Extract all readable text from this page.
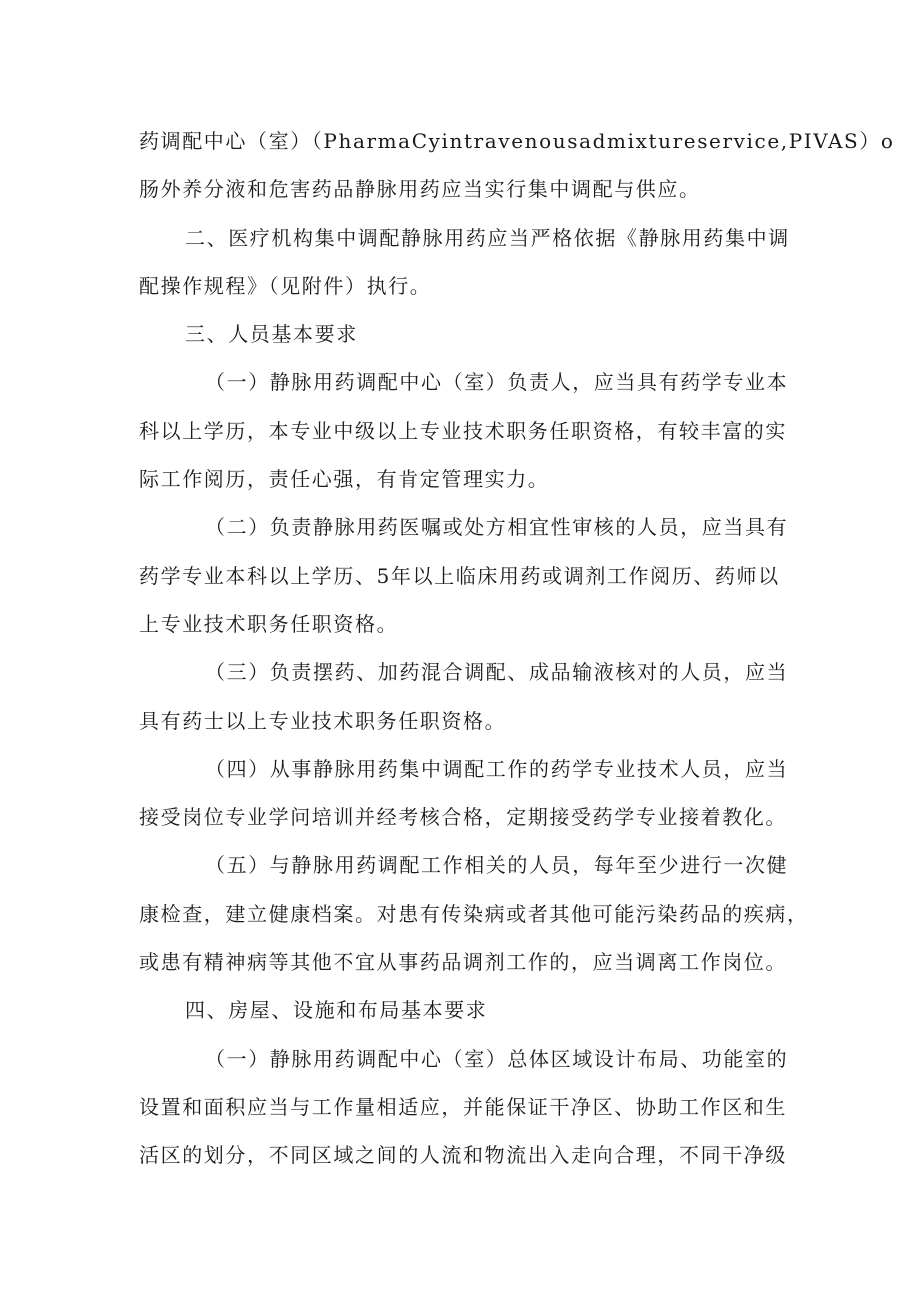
药调配中心（室）（PharmaCyintravenousadmixtureservice,PIVAS）o
肠外养分液和危害药品静脉用药应当实行集中调配与供应。
二、医疗机构集中调配静脉用药应当严格依据《静脉用药集中调
配操作规程》（见附件）执行。
三、人员基本要求
（一）静脉用药调配中心（室）负责人，应当具有药学专业本
科以上学历，本专业中级以上专业技术职务任职资格，有较丰富的实
际工作阅历，责任心强，有肯定管理实力。
（二）负责静脉用药医嘱或处方相宜性审核的人员，应当具有
药学专业本科以上学历、5年以上临床用药或调剂工作阅历、药师以
上专业技术职务任职资格。
（三）负责摆药、加药混合调配、成品输液核对的人员，应当
具有药士以上专业技术职务任职资格。
（四）从事静脉用药集中调配工作的药学专业技术人员，应当
接受岗位专业学问培训并经考核合格，定期接受药学专业接着教化。
（五）与静脉用药调配工作相关的人员，每年至少进行一次健
康检查，建立健康档案。对患有传染病或者其他可能污染药品的疾病，
或患有精神病等其他不宜从事药品调剂工作的，应当调离工作岗位。
四、房屋、设施和布局基本要求
（一）静脉用药调配中心（室）总体区域设计布局、功能室的
设置和面积应当与工作量相适应，并能保证干净区、协助工作区和生
活区的划分，不同区域之间的人流和物流出入走向合理，不同干净级
